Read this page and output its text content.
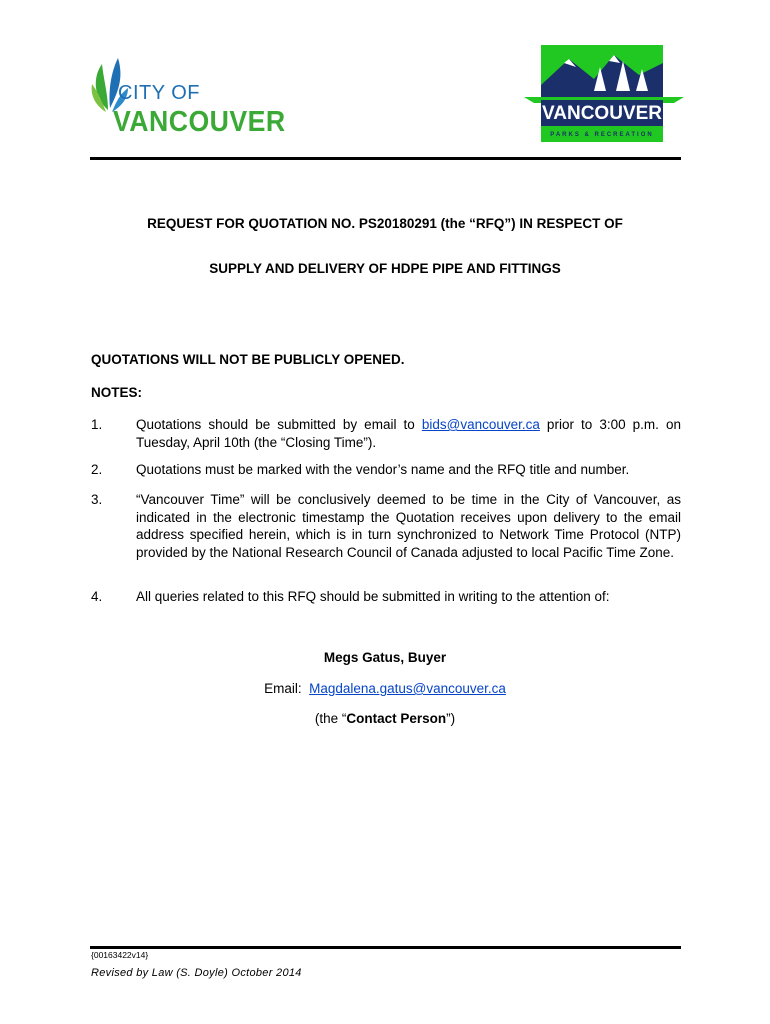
CITY OF
VANCOUVER	VANCOUVER
PARKS & RECREATION
REQUEST FOR QUOTATION NO. PS20180291 (the “RFQ”) IN RESPECT OF
SUPPLY AND DELIVERY OF HDPE PIPE AND FITTINGS
QUOTATIONS WILL NOT BE PUBLICLY OPENED.
NOTES:
1. Quotations should be submitted by email to bids@vancouver.ca prior to 3:00 p.m. on Tuesday, April 10th (the “Closing Time”).
2. Quotations must be marked with the vendor’s name and the RFQ title and number.
3. “Vancouver Time” will be conclusively deemed to be time in the City of Vancouver, as indicated in the electronic timestamp the Quotation receives upon delivery to the email address specified herein, which is in turn synchronized to Network Time Protocol (NTP) provided by the National Research Council of Canada adjusted to local Pacific Time Zone.
4. All queries related to this RFQ should be submitted in writing to the attention of:
Megs Gatus, Buyer
Email: Magdalena.gatus@vancouver.ca
(the “Contact Person”)
{00163422v14}
Revised by Law (S. Doyle) October 2014
